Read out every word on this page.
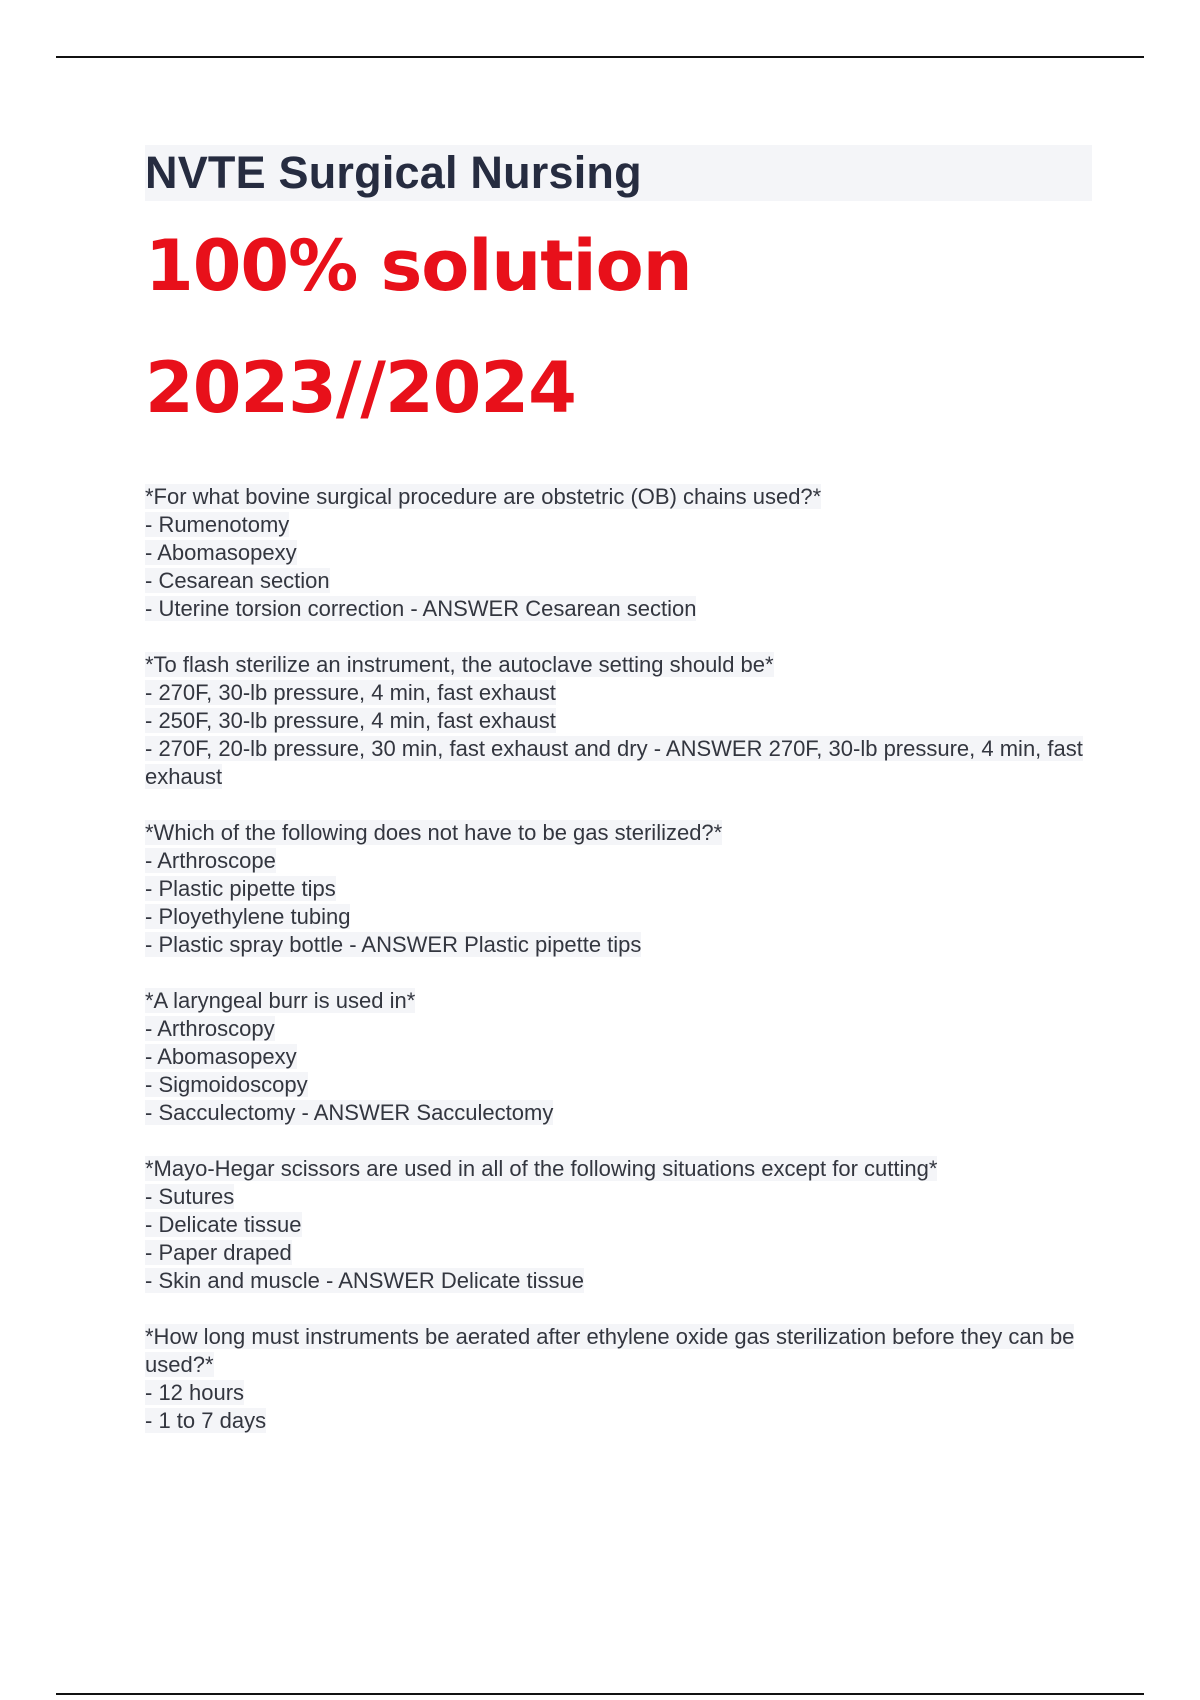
NVTE Surgical Nursing

100% solution

2023//2024

*For what bovine surgical procedure are obstetric (OB) chains used?*
- Rumenotomy
- Abomasopexy
- Cesarean section
- Uterine torsion correction - ANSWER Cesarean section
*To flash sterilize an instrument, the autoclave setting should be*
- 270F, 30-lb pressure, 4 min, fast exhaust
- 250F, 30-lb pressure, 4 min, fast exhaust
- 270F, 20-lb pressure, 30 min, fast exhaust and dry - ANSWER 270F, 30-lb pressure, 4 min, fast exhaust
*Which of the following does not have to be gas sterilized?*
- Arthroscope
- Plastic pipette tips
- Ployethylene tubing
- Plastic spray bottle - ANSWER Plastic pipette tips
*A laryngeal burr is used in*
- Arthroscopy
- Abomasopexy
- Sigmoidoscopy
- Sacculectomy - ANSWER Sacculectomy
*Mayo-Hegar scissors are used in all of the following situations except for cutting*
- Sutures
- Delicate tissue
- Paper draped
- Skin and muscle - ANSWER Delicate tissue
*How long must instruments be aerated after ethylene oxide gas sterilization before they can be used?*
- 12 hours
- 1 to 7 days
